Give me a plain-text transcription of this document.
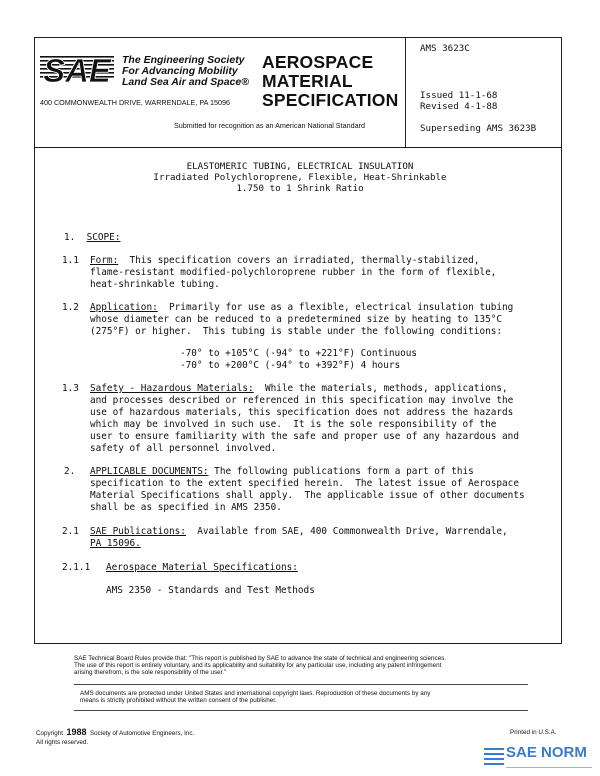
SAE The Engineering Society
For Advancing Mobility
Land Sea Air and Space®
400 COMMONWEALTH DRIVE, WARRENDALE, PA 15096
AEROSPACE
MATERIAL
SPECIFICATION
Submitted for recognition as an American National Standard
AMS 3623C
Issued 11-1-68
Revised 4-1-88
Superseding AMS 3623B
ELASTOMERIC TUBING, ELECTRICAL INSULATION
Irradiated Polychloroprene, Flexible, Heat-Shrinkable
1.750 to 1 Shrink Ratio
1. SCOPE:
1.1 Form:  This specification covers an irradiated, thermally-stabilized,
flame-resistant modified-polychloroprene rubber in the form of flexible,
heat-shrinkable tubing.
1.2 Application:  Primarily for use as a flexible, electrical insulation tubing
whose diameter can be reduced to a predetermined size by heating to 135°C
(275°F) or higher.  This tubing is stable under the following conditions:
-70° to +105°C (-94° to +221°F) Continuous
-70° to +200°C (-94° to +392°F) 4 hours
1.3 Safety - Hazardous Materials:  While the materials, methods, applications,
and processes described or referenced in this specification may involve the
use of hazardous materials, this specification does not address the hazards
which may be involved in such use.  It is the sole responsibility of the
user to ensure familiarity with the safe and proper use of any hazardous and
safety of all personnel involved.
2. APPLICABLE DOCUMENTS: The following publications form a part of this
specification to the extent specified herein.  The latest issue of Aerospace
Material Specifications shall apply.  The applicable issue of other documents
shall be as specified in AMS 2350.
2.1 SAE Publications:  Available from SAE, 400 Commonwealth Drive, Warrendale,
PA 15096.
2.1.1 Aerospace Material Specifications:
AMS 2350 - Standards and Test Methods
SAE Technical Board Rules provide that: "This report is published by SAE to advance the state of technical and engineering sciences.
The use of this report is entirely voluntary, and its applicability and suitability for any particular use, including any patent infringement
arising therefrom, is the sole responsibility of the user."
AMS documents are protected under United States and international copyright laws. Reproduction of these documents by any
means is strictly prohibited without the written consent of the publisher.
Copyright 1988 Society of Automotive Engineers, Inc.
All rights reserved.
Printed in U.S.A.
SAE NORM
